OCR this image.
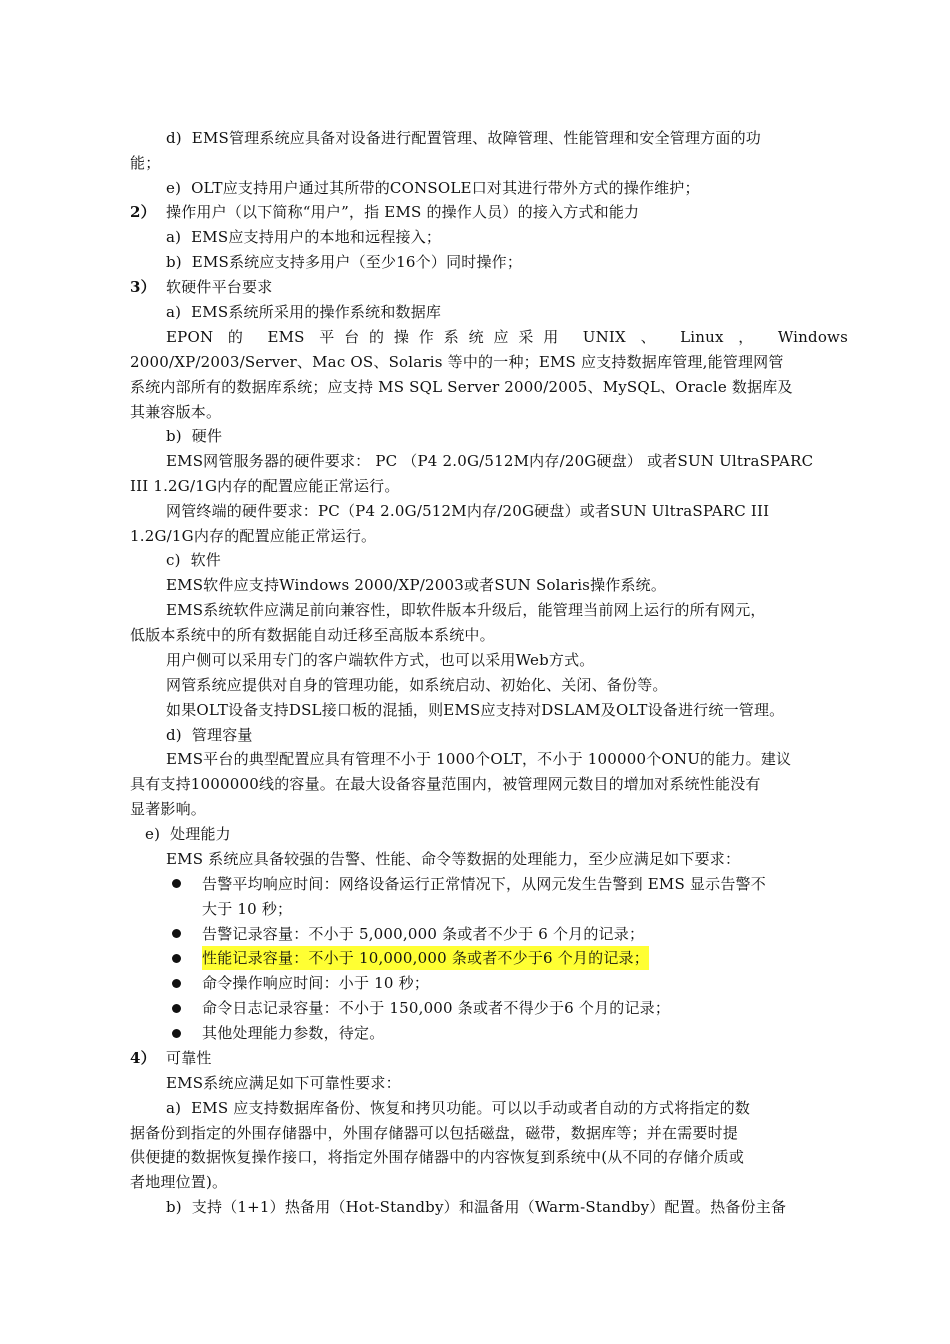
d)  EMS管理系统应具备对设备进行配置管理、故障管理、性能管理和安全管理方面的功
能；
e)  OLT应支持用户通过其所带的CONSOLE口对其进行带外方式的操作维护；
2） 操作用户（以下简称“用户”，指 EMS 的操作人员）的接入方式和能力
a)  EMS应支持用户的本地和远程接入；
b)  EMS系统应支持多用户（至少16个）同时操作；
3） 软硬件平台要求
a)  EMS系统所采用的操作系统和数据库
EPON 的 EMS 平台的操作系统应采用 UNIX 、 Linux ， Windows
2000/XP/2003/Server、Mac OS、Solaris 等中的一种；EMS 应支持数据库管理,能管理网管
系统内部所有的数据库系统；应支持 MS SQL Server 2000/2005、MySQL、Oracle 数据库及
其兼容版本。
b)  硬件
EMS网管服务器的硬件要求： PC （P4 2.0G/512M内存/20G硬盘） 或者SUN UltraSPARC
III 1.2G/1G内存的配置应能正常运行。
网管终端的硬件要求：PC（P4 2.0G/512M内存/20G硬盘）或者SUN UltraSPARC III
1.2G/1G内存的配置应能正常运行。
c)  软件
EMS软件应支持Windows 2000/XP/2003或者SUN Solaris操作系统。
EMS系统软件应满足前向兼容性，即软件版本升级后，能管理当前网上运行的所有网元，
低版本系统中的所有数据能自动迁移至高版本系统中。
用户侧可以采用专门的客户端软件方式，也可以采用Web方式。
网管系统应提供对自身的管理功能，如系统启动、初始化、关闭、备份等。
如果OLT设备支持DSL接口板的混插，则EMS应支持对DSLAM及OLT设备进行统一管理。
d)  管理容量
EMS平台的典型配置应具有管理不小于 1000个OLT，不小于 100000个ONU的能力。建议
具有支持1000000线的容量。在最大设备容量范围内，被管理网元数目的增加对系统性能没有
显著影响。
e)  处理能力
EMS 系统应具备较强的告警、性能、命令等数据的处理能力，至少应满足如下要求：
告警平均响应时间：网络设备运行正常情况下，从网元发生告警到 EMS 显示告警不
大于 10 秒；
告警记录容量：不小于 5,000,000 条或者不少于 6 个月的记录；
性能记录容量：不小于 10,000,000 条或者不少于6 个月的记录；
命令操作响应时间：小于 10 秒；
命令日志记录容量：不小于 150,000 条或者不得少于6 个月的记录；
其他处理能力参数，待定。
4） 可靠性
EMS系统应满足如下可靠性要求：
a)  EMS 应支持数据库备份、恢复和拷贝功能。可以以手动或者自动的方式将指定的数
据备份到指定的外围存储器中，外围存储器可以包括磁盘，磁带，数据库等；并在需要时提
供便捷的数据恢复操作接口，将指定外围存储器中的内容恢复到系统中(从不同的存储介质或
者地理位置)。
b)  支持（1+1）热备用（Hot-Standby）和温备用（Warm-Standby）配置。热备份主备
